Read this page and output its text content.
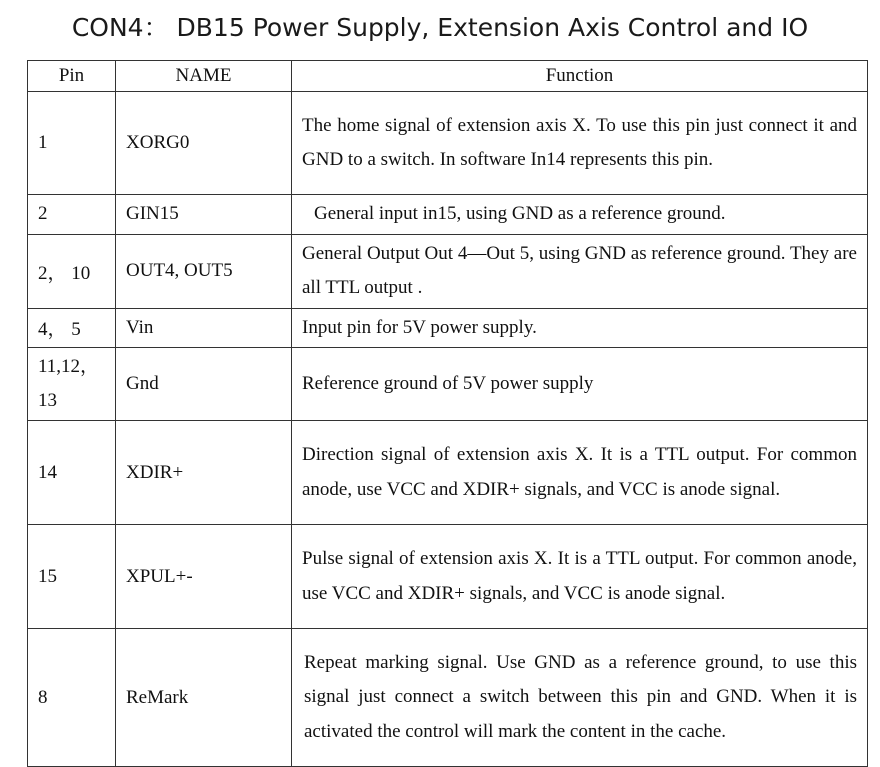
CON4： DB15 Power Supply, Extension Axis Control and IO
Pin	NAME	Function
1	XORG0	The home signal of extension axis X. To use this pin just connect it and GND to a switch. In software In14 represents this pin.
2	GIN15	General input in15, using GND as a reference ground.
2， 10	OUT4, OUT5	General Output Out 4—Out 5, using GND as reference ground. They are all TTL output .
4， 5	Vin	Input pin for 5V power supply.
11,12， 13	Gnd	Reference ground of 5V power supply
14	XDIR+	Direction signal of extension axis X. It is a TTL output. For common anode, use VCC and XDIR+ signals, and VCC is anode signal.
15	XPUL+-	Pulse signal of extension axis X. It is a TTL output. For common anode, use VCC and XDIR+ signals, and VCC is anode signal.
8	ReMark	Repeat marking signal. Use GND as a reference ground, to use this signal just connect a switch between this pin and GND. When it is activated the control will mark the content in the cache.
